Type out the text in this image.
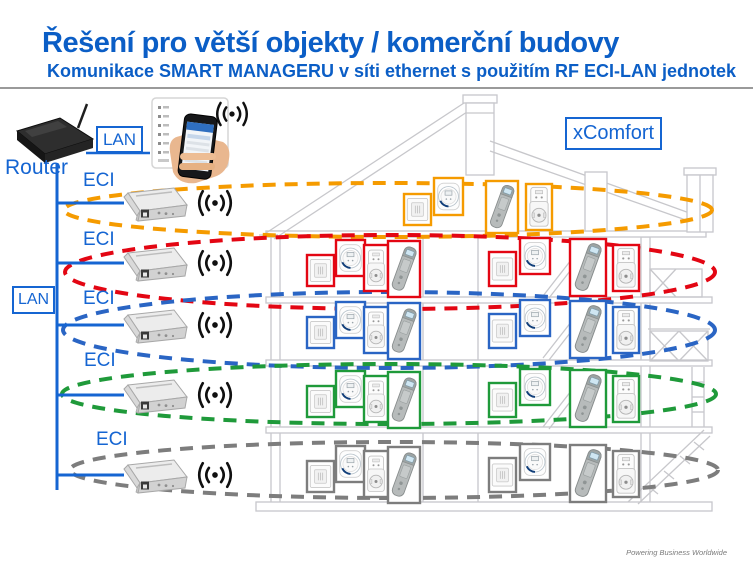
Řešení pro větší objekty / komerční budovy
Komunikace SMART MANAGERU v síti ethernet s použitím RF ECI-LAN jednotek
Router
LAN
LAN
xComfort
ECI
ECI
ECI
ECI
ECI
Powering Business Worldwide
